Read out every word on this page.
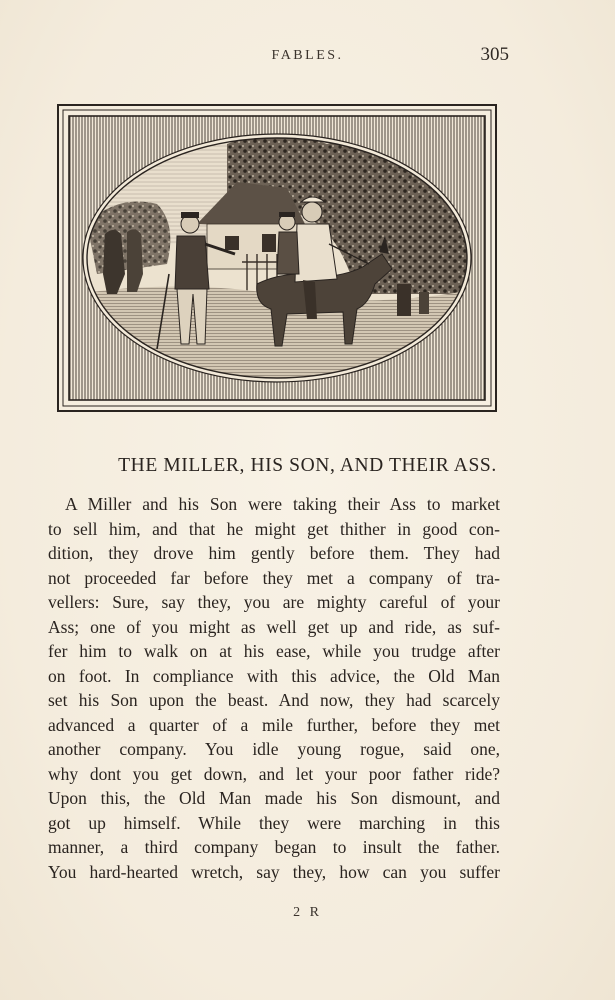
FABLES.	305
THE MILLER, HIS SON, AND THEIR ASS.
A Miller and his Son were taking their Ass to market
to sell him, and that he might get thither in good con-
dition, they drove him gently before them. They had
not proceeded far before they met a company of tra-
vellers: Sure, say they, you are mighty careful of your
Ass; one of you might as well get up and ride, as suf-
fer him to walk on at his ease, while you trudge after
on foot. In compliance with this advice, the Old Man
set his Son upon the beast. And now, they had scarcely
advanced a quarter of a mile further, before they met
another company. You idle young rogue, said one,
why dont you get down, and let your poor father ride?
Upon this, the Old Man made his Son dismount, and
got up himself. While they were marching in this
manner, a third company began to insult the father.
You hard-hearted wretch, say they, how can you suffer
2 R
